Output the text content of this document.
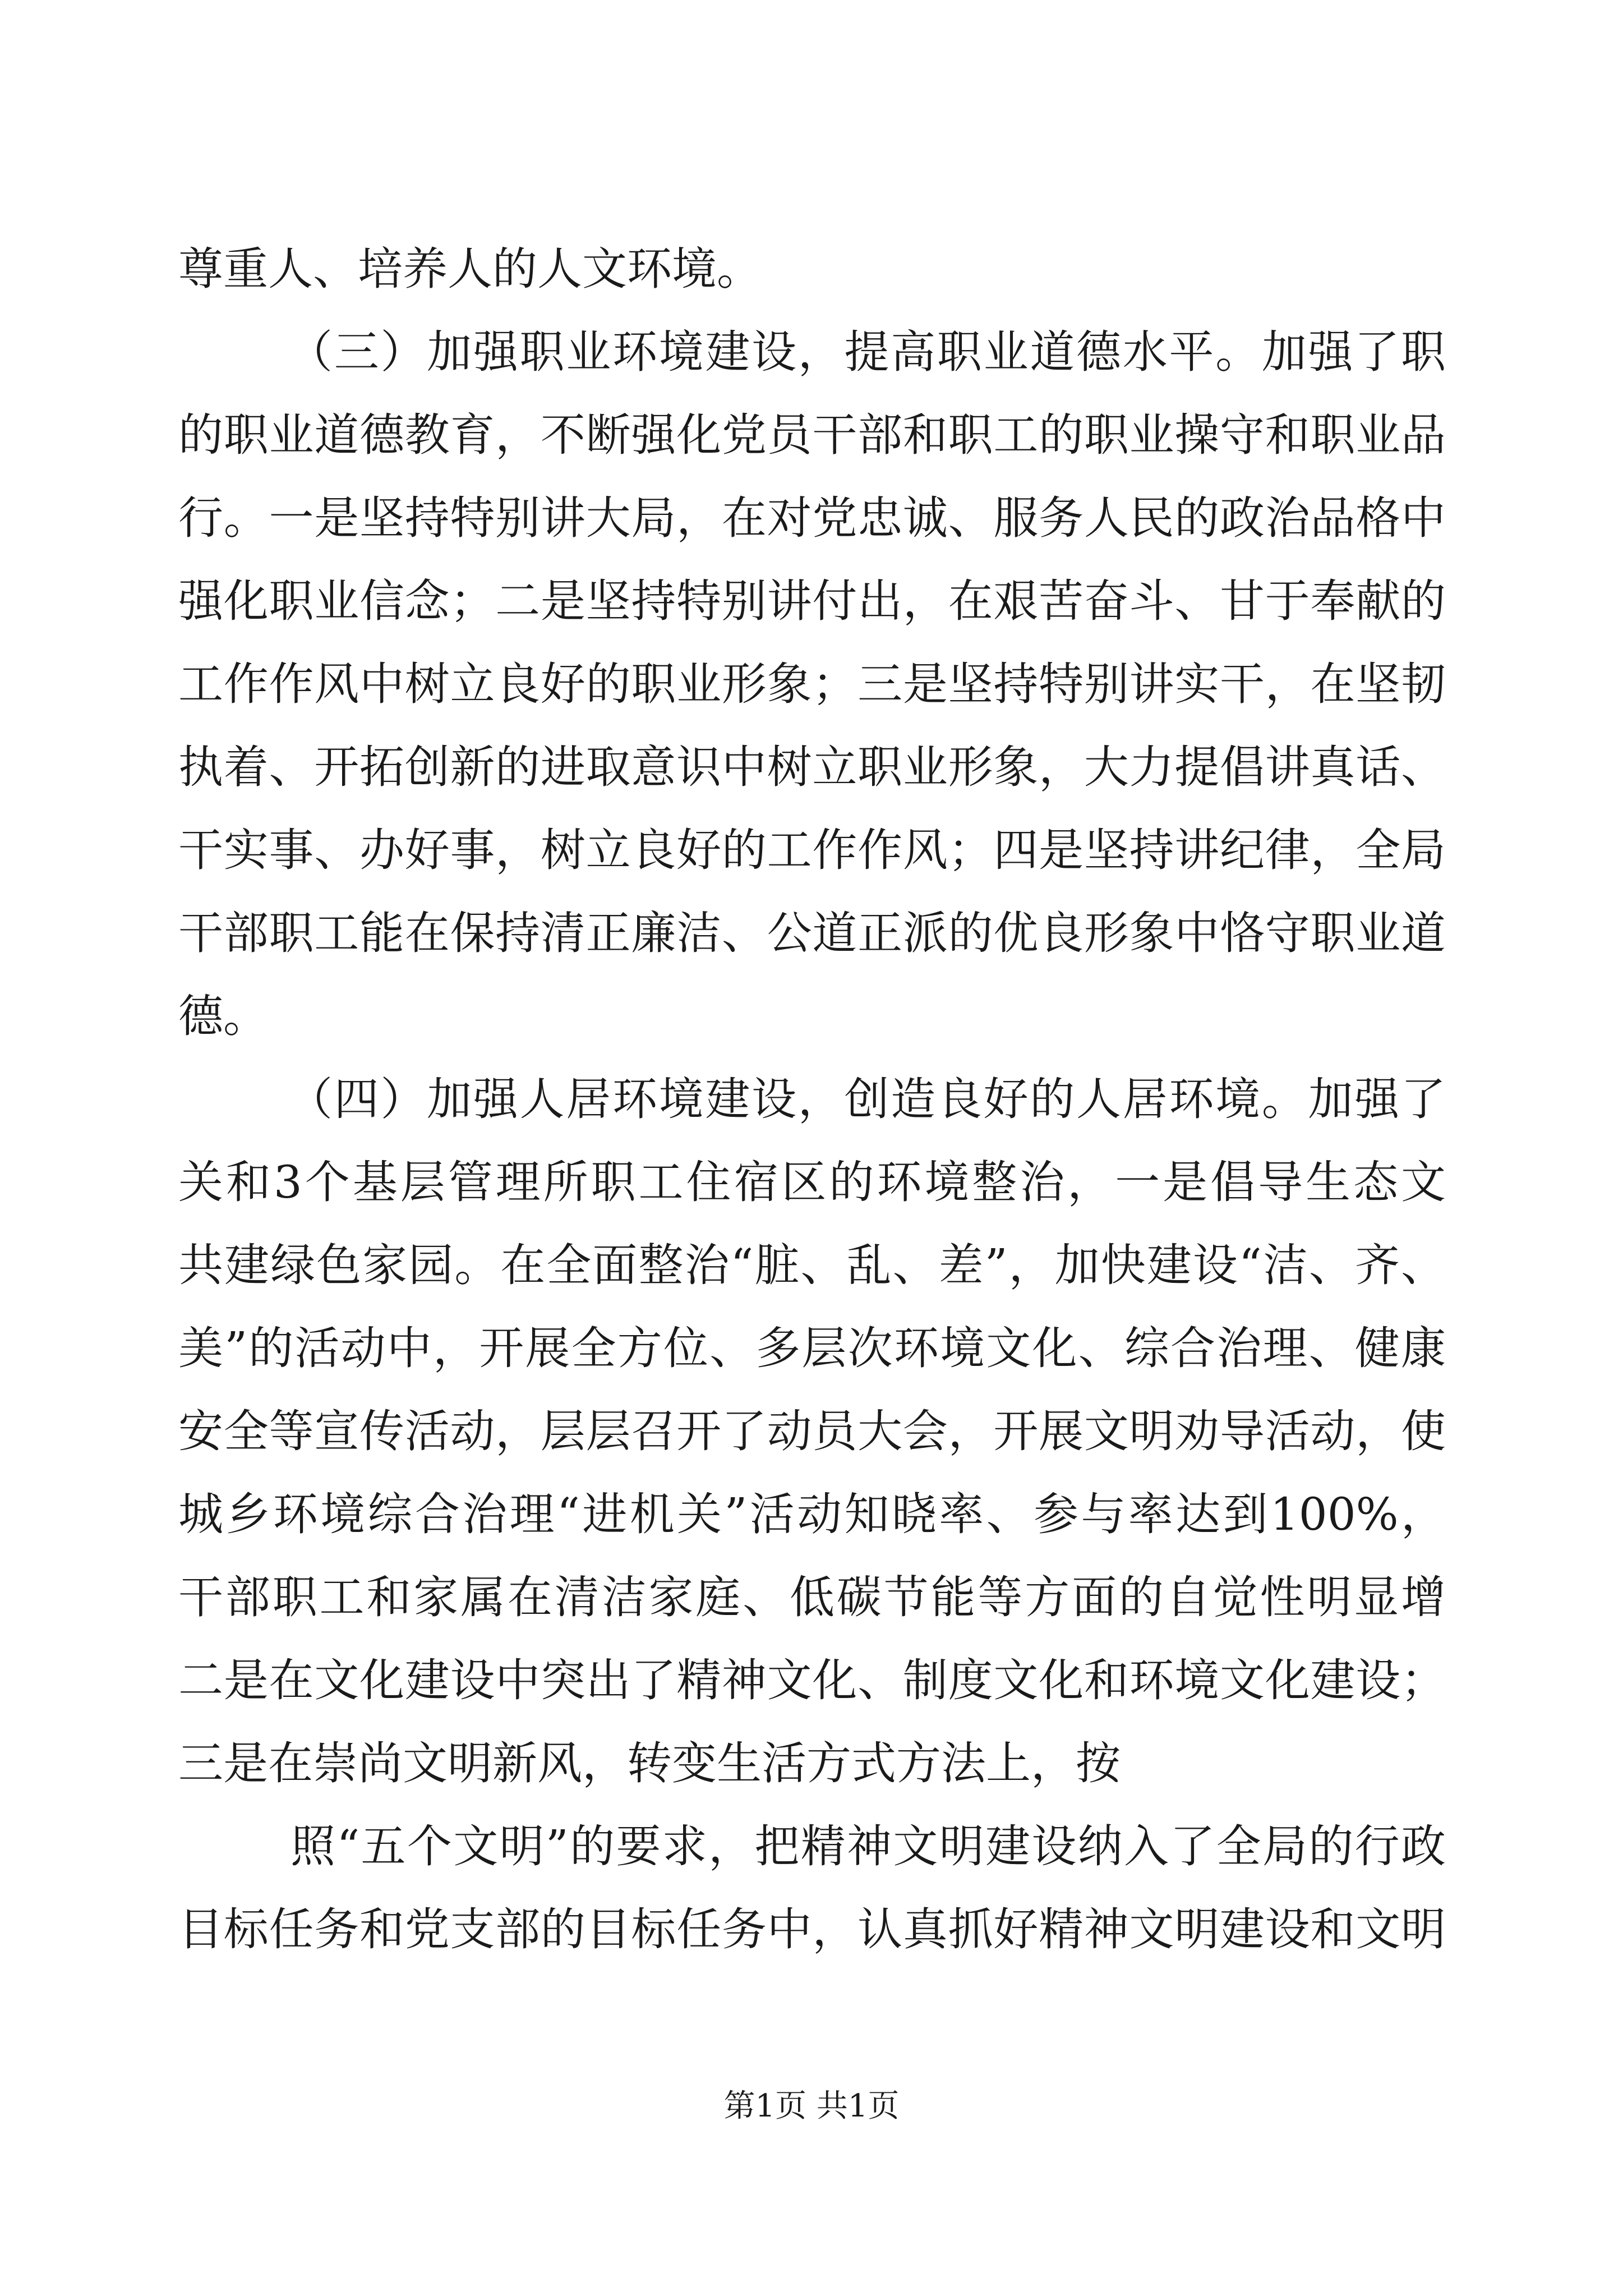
尊重人、培养人的人文环境。
（三）加强职业环境建设，提高职业道德水平。加强了职
的职业道德教育，不断强化党员干部和职工的职业操守和职业品
行。一是坚持特别讲大局，在对党忠诚、服务人民的政治品格中
强化职业信念；二是坚持特别讲付出，在艰苦奋斗、甘于奉献的
工作作风中树立良好的职业形象；三是坚持特别讲实干，在坚韧
执着、开拓创新的进取意识中树立职业形象，大力提倡讲真话、
干实事、办好事，树立良好的工作作风；四是坚持讲纪律，全局
干部职工能在保持清正廉洁、公道正派的优良形象中恪守职业道
德。
（四）加强人居环境建设，创造良好的人居环境。加强了
关和3个基层管理所职工住宿区的环境整治，一是倡导生态文
共建绿色家园。在全面整治“脏、乱、差”，加快建设“洁、齐、
美”的活动中，开展全方位、多层次环境文化、综合治理、健康
安全等宣传活动，层层召开了动员大会，开展文明劝导活动，使
城乡环境综合治理“进机关”活动知晓率、参与率达到100%，
干部职工和家属在清洁家庭、低碳节能等方面的自觉性明显增
二是在文化建设中突出了精神文化、制度文化和环境文化建设；
三是在崇尚文明新风，转变生活方式方法上，按
照“五个文明”的要求，把精神文明建设纳入了全局的行政
目标任务和党支部的目标任务中，认真抓好精神文明建设和文明
第1页 共1页
